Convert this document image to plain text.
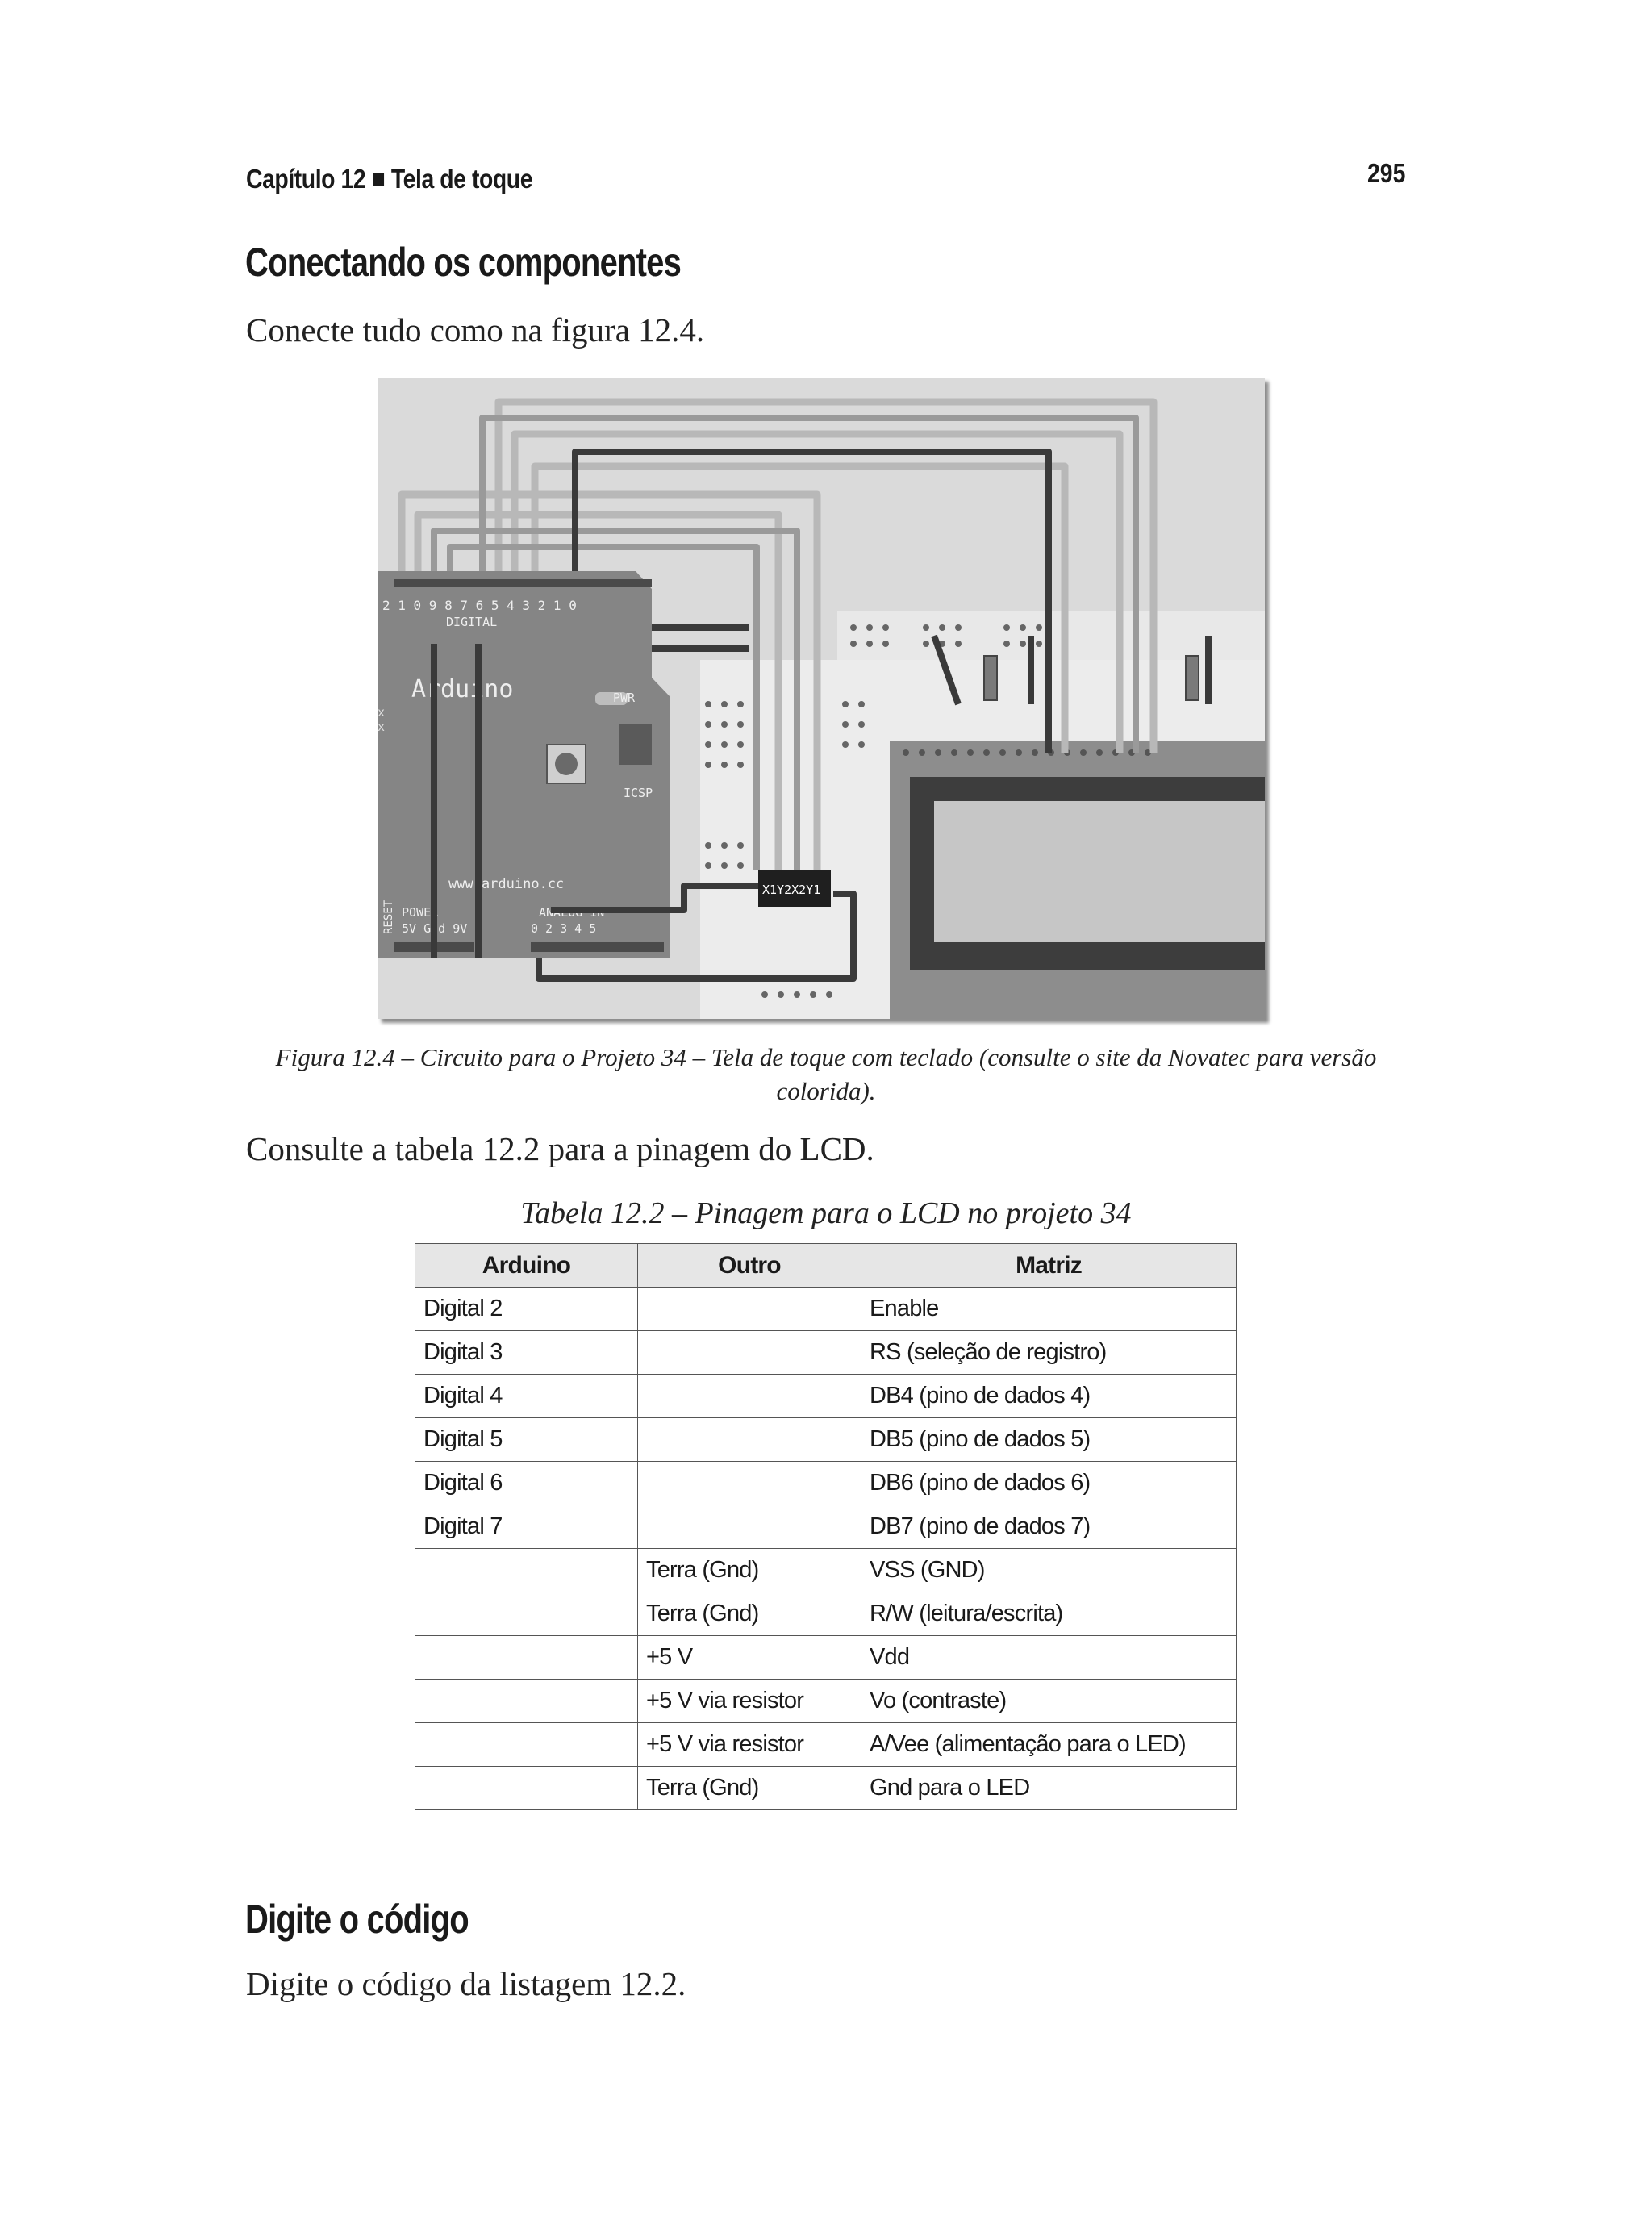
Capítulo 12 ■ Tela de toque	295
Conectando os componentes
Conecte tudo como na figura 12.4.
2 1 0 9 8 7 6 5 4 3 2 1 0
DIGITAL
Arduino	PWR
ICSP
www.arduino.cc
POWER
5V Gnd 9V
ANALOG IN
0 2 3 4 5
RESET
x
x
X1Y2X2Y1
Figura 12.4 – Circuito para o Projeto 34 – Tela de toque com teclado (consulte o site da Novatec para versão colorida).
Consulte a tabela 12.2 para a pinagem do LCD.
Tabela 12.2 – Pinagem para o LCD no projeto 34
Arduino	Outro	Matriz
Digital 2		Enable
Digital 3		RS (seleção de registro)
Digital 4		DB4 (pino de dados 4)
Digital 5		DB5 (pino de dados 5)
Digital 6		DB6 (pino de dados 6)
Digital 7		DB7 (pino de dados 7)
	Terra (Gnd)	VSS (GND)
	Terra (Gnd)	R/W (leitura/escrita)
	+5 V	Vdd
	+5 V via resistor	Vo (contraste)
	+5 V via resistor	A/Vee (alimentação para o LED)
	Terra (Gnd)	Gnd para o LED
Digite o código
Digite o código da listagem 12.2.
